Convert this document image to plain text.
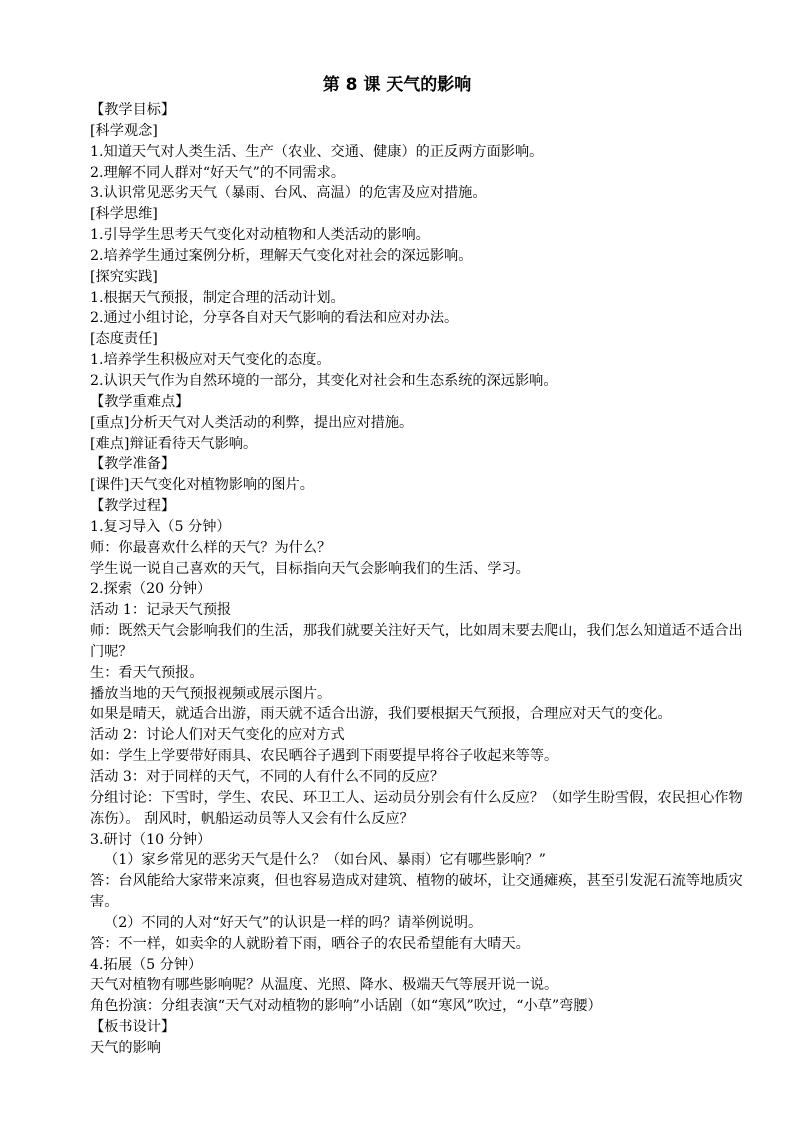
第 8 课 天气的影响

【教学目标】

[科学观念]

1.知道天气对人类生活、生产（农业、交通、健康）的正反两方面影响。

2.理解不同人群对“好天气”的不同需求。

3.认识常见恶劣天气（暴雨、台风、高温）的危害及应对措施。

[科学思维]

1.引导学生思考天气变化对动植物和人类活动的影响。

2.培养学生通过案例分析，理解天气变化对社会的深远影响。

[探究实践]

1.根据天气预报，制定合理的活动计划。

2.通过小组讨论，分享各自对天气影响的看法和应对办法。

[态度责任]

1.培养学生积极应对天气变化的态度。

2.认识天气作为自然环境的一部分，其变化对社会和生态系统的深远影响。

【教学重难点】

[重点]分析天气对人类活动的利弊，提出应对措施。

[难点]辩证看待天气影响。

【教学准备】

[课件]天气变化对植物影响的图片。

【教学过程】

1.复习导入（5 分钟）

师：你最喜欢什么样的天气？为什么？

学生说一说自己喜欢的天气，目标指向天气会影响我们的生活、学习。

2.探索（20 分钟）

活动 1：记录天气预报

师：既然天气会影响我们的生活，那我们就要关注好天气，比如周末要去爬山，我们怎么知道适不适合出门呢？

生：看天气预报。

播放当地的天气预报视频或展示图片。

如果是晴天，就适合出游，雨天就不适合出游，我们要根据天气预报，合理应对天气的变化。

活动 2：讨论人们对天气变化的应对方式

如：学生上学要带好雨具、农民晒谷子遇到下雨要提早将谷子收起来等等。

活动 3：对于同样的天气，不同的人有什么不同的反应？

分组讨论：下雪时，学生、农民、环卫工人、运动员分别会有什么反应？（如学生盼雪假，农民担心作物冻伤）。 刮风时，帆船运动员等人又会有什么反应？

3.研讨（10 分钟）

（1）家乡常见的恶劣天气是什么？（如台风、暴雨）它有哪些影响？”

答：台风能给大家带来凉爽，但也容易造成对建筑、植物的破坏，让交通瘫痪，甚至引发泥石流等地质灾害。

（2）不同的人对“好天气”的认识是一样的吗？请举例说明。

答：不一样，如卖伞的人就盼着下雨，晒谷子的农民希望能有大晴天。

4.拓展（5 分钟）

天气对植物有哪些影响呢？从温度、光照、降水、极端天气等展开说一说。

角色扮演：分组表演“天气对动植物的影响”小话剧（如“寒风”吹过，“小草”弯腰）

【板书设计】

天气的影响
